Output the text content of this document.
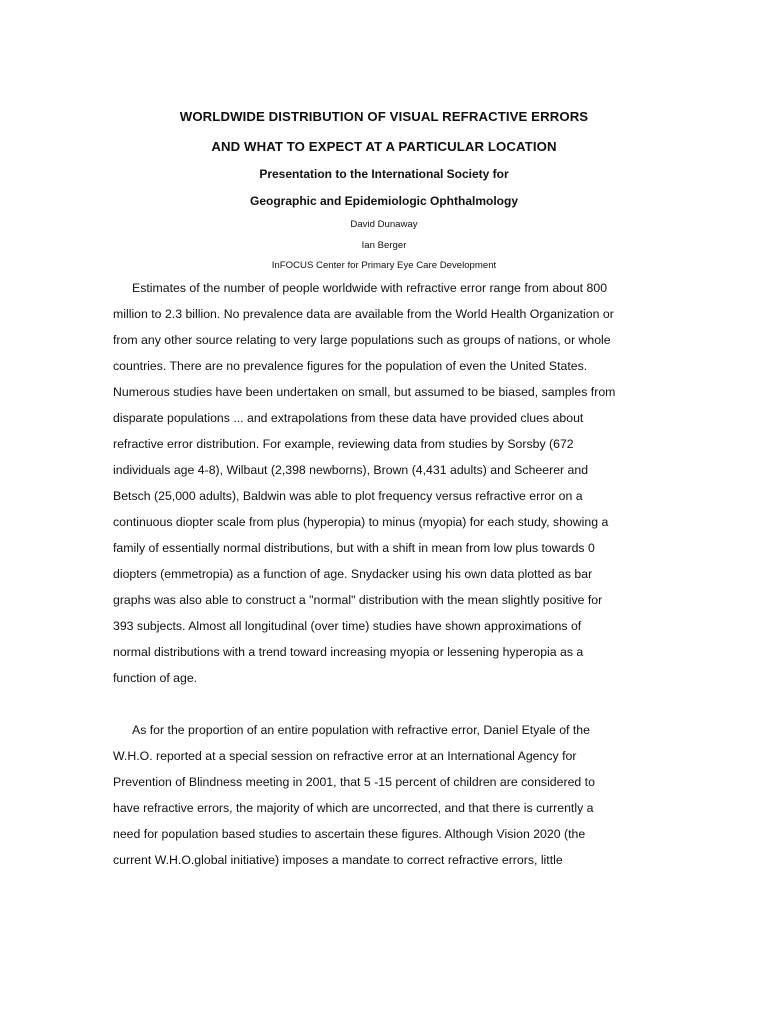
WORLDWIDE DISTRIBUTION OF VISUAL REFRACTIVE ERRORS
AND WHAT TO EXPECT AT A PARTICULAR LOCATION
Presentation to the International Society for
Geographic and Epidemiologic Ophthalmology
David Dunaway
Ian Berger
InFOCUS Center for Primary Eye Care Development
Estimates of the number of people worldwide with refractive error range from about 800
million to 2.3 billion. No prevalence data are available from the World Health Organization or
from any other source relating to very large populations such as groups of nations, or whole
countries. There are no prevalence figures for the population of even the United States.
Numerous studies have been undertaken on small, but assumed to be biased, samples from
disparate populations ... and extrapolations from these data have provided clues about
refractive error distribution. For example, reviewing data from studies by Sorsby (672
individuals age 4-8), Wilbaut (2,398 newborns), Brown (4,431 adults) and Scheerer and
Betsch (25,000 adults), Baldwin was able to plot frequency versus refractive error on a
continuous diopter scale from plus (hyperopia) to minus (myopia) for each study, showing a
family of essentially normal distributions, but with a shift in mean from low plus towards 0
diopters (emmetropia) as a function of age. Snydacker using his own data plotted as bar
graphs was also able to construct a "normal" distribution with the mean slightly positive for
393 subjects. Almost all longitudinal (over time) studies have shown approximations of
normal distributions with a trend toward increasing myopia or lessening hyperopia as a
function of age.
As for the proportion of an entire population with refractive error, Daniel Etyale of the
W.H.O. reported at a special session on refractive error at an International Agency for
Prevention of Blindness meeting in 2001, that 5 -15 percent of children are considered to
have refractive errors, the majority of which are uncorrected, and that there is currently a
need for population based studies to ascertain these figures. Although Vision 2020 (the
current W.H.O.global initiative) imposes a mandate to correct refractive errors, little
